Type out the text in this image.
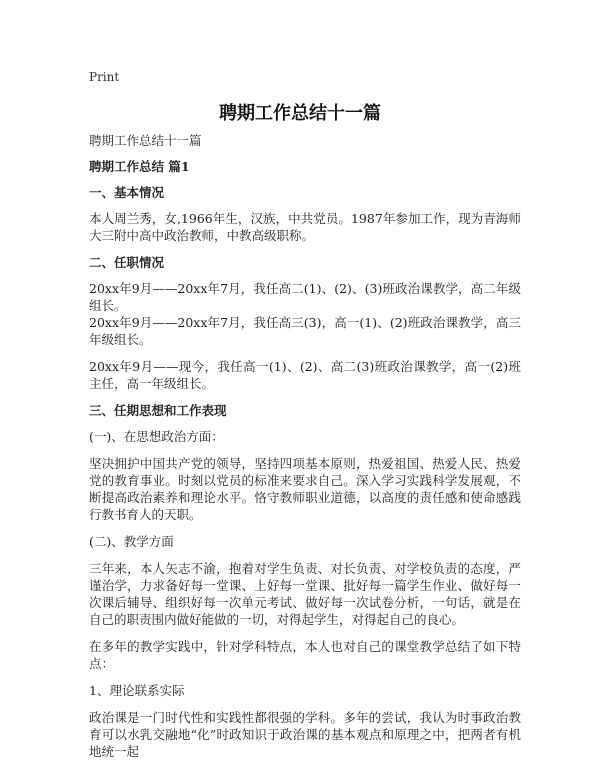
Print
聘期工作总结十一篇

聘期工作总结十一篇

聘期工作总结 篇1

一、基本情况

本人周兰秀，女,1966年生，汉族，中共党员。1987年参加工作，现为青海师大三附中高中政治教师，中教高级职称。

二、任职情况

20xx年9月——20xx年7月，我任高二(1)、(2)、(3)班政治课教学，高二年级组长。

20xx年9月——20xx年7月，我任高三(3)，高一(1)、(2)班政治课教学，高三年级组长。

20xx年9月——现今，我任高一(1)、(2)、高二(3)班政治课教学，高一(2)班主任，高一年级组长。

三、任期思想和工作表现

(一)、在思想政治方面：

坚决拥护中国共产党的领导，坚持四项基本原则，热爱祖国、热爱人民、热爱党的教育事业。时刻以党员的标准来要求自己。深入学习实践科学发展观，不断提高政治素养和理论水平。恪守教师职业道德，以高度的责任感和使命感践行教书育人的天职。

(二)、教学方面

三年来，本人矢志不渝，抱着对学生负责、对长负责、对学校负责的态度，严谨治学，力求备好每一堂课、上好每一堂课、批好每一篇学生作业、做好每一次课后辅导、组织好每一次单元考试、做好每一次试卷分析，一句话，就是在自己的职责围内做好能做的一切，对得起学生，对得起自己的良心。

在多年的教学实践中，针对学科特点，本人也对自己的课堂教学总结了如下特点：

1、理论联系实际

政治课是一门时代性和实践性都很强的学科。多年的尝试，我认为时事政治教育可以水乳交融地“化”时政知识于政治课的基本观点和原理之中，把两者有机地统一起
